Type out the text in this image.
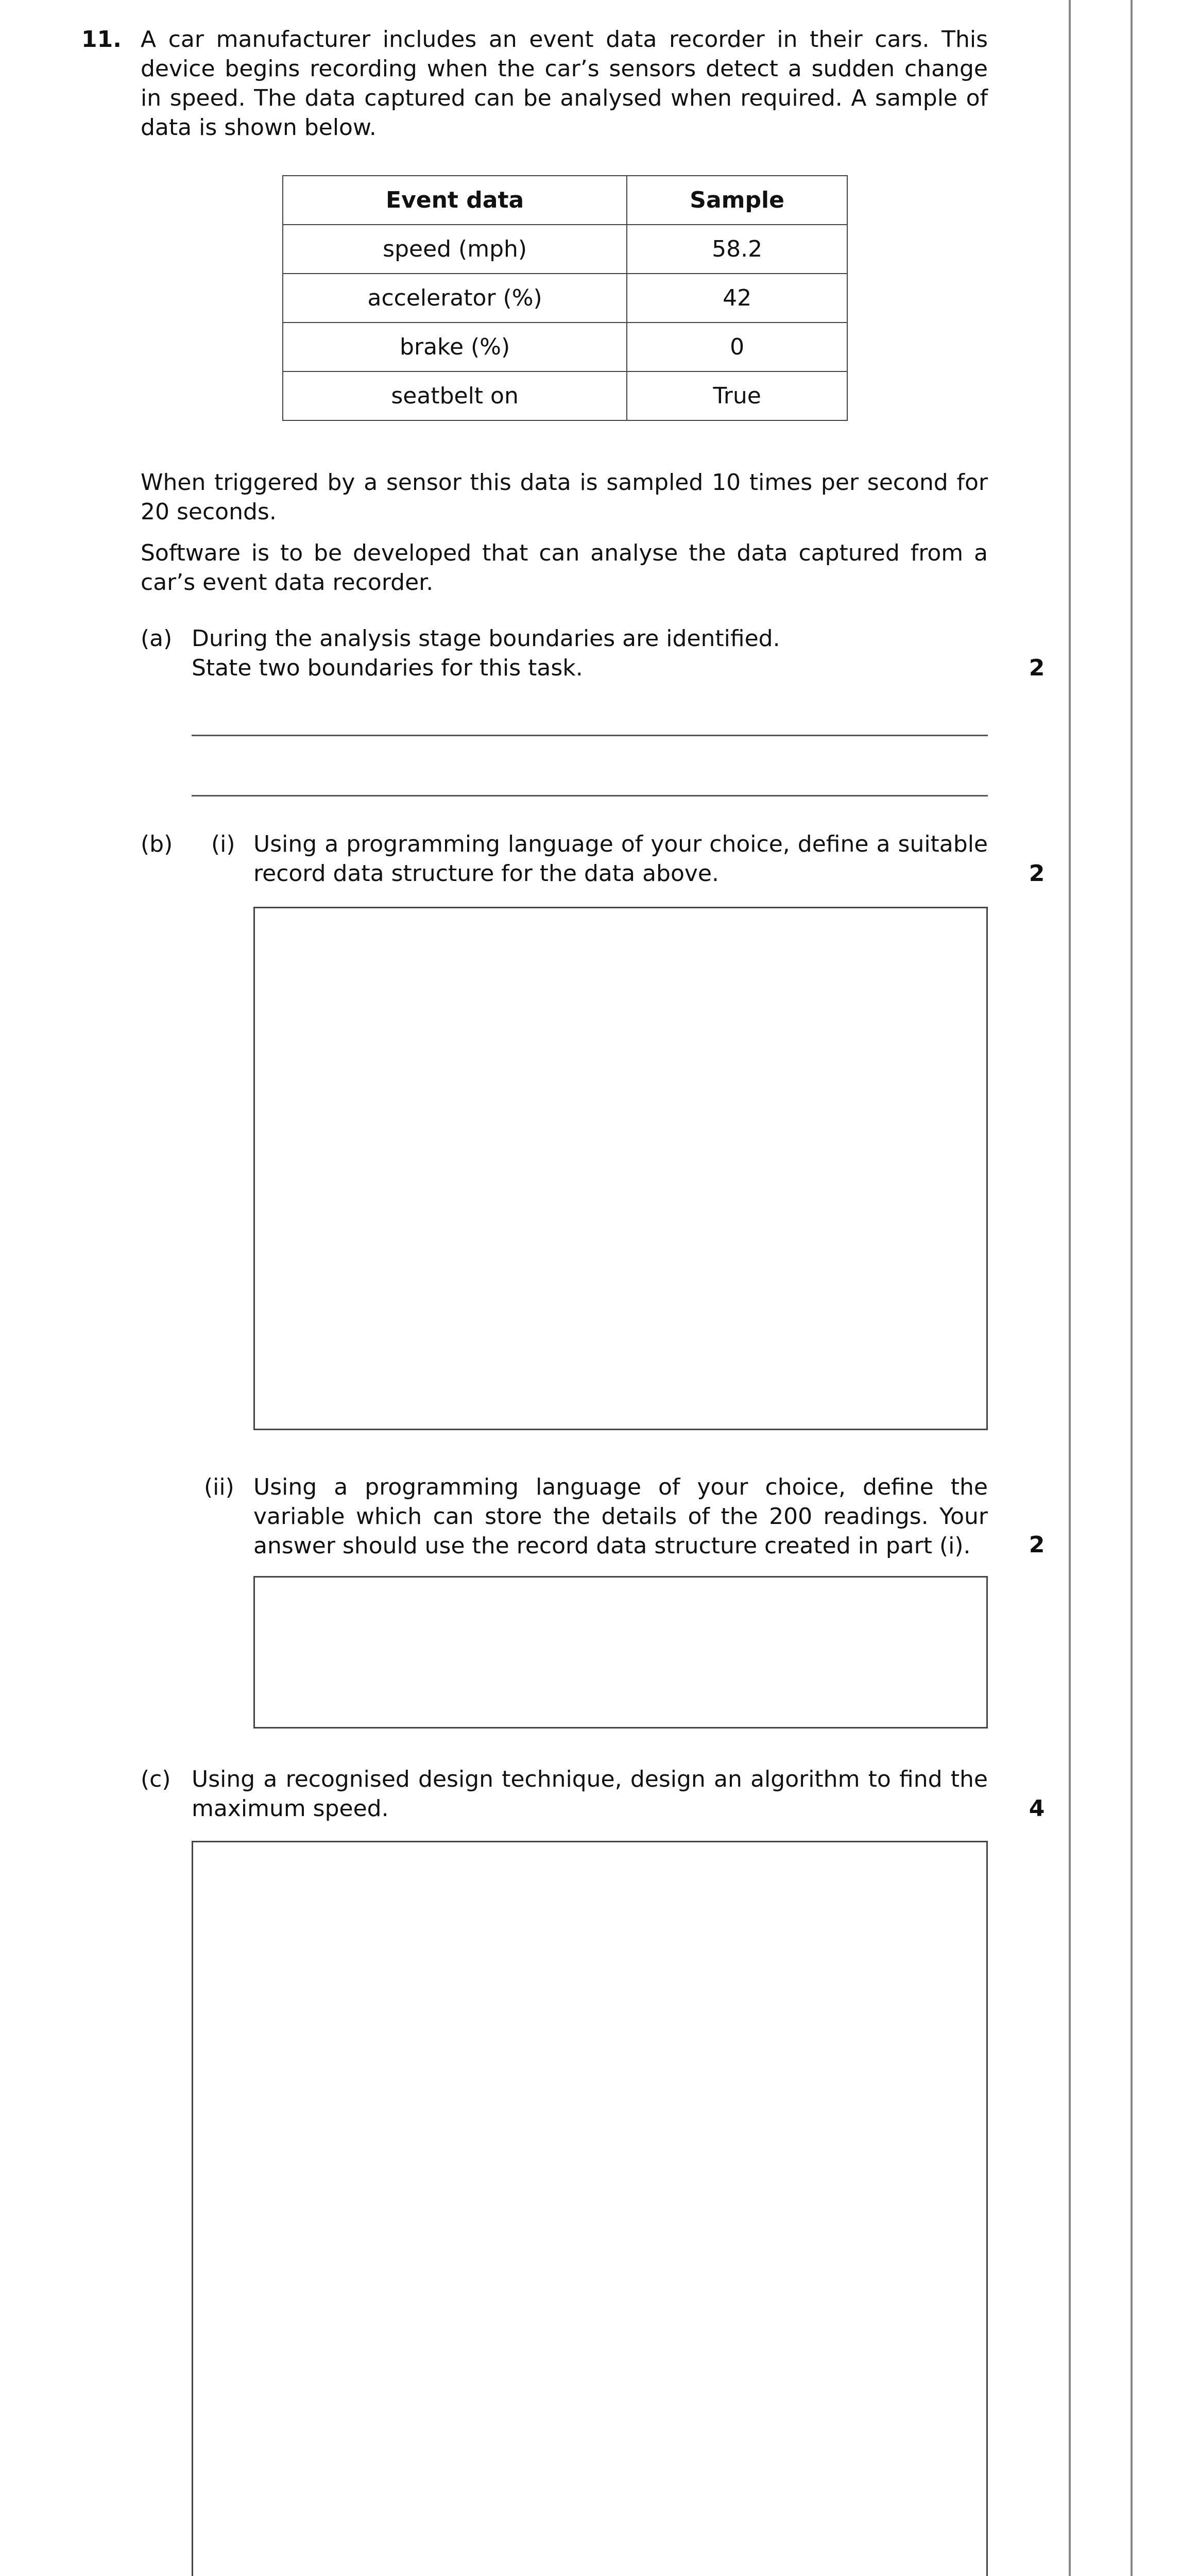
11. A car manufacturer includes an event data recorder in their cars. This device begins recording when the car’s sensors detect a sudden change in speed. The data captured can be analysed when required. A sample of data is shown below.
Event data	Sample
speed (mph)	58.2
accelerator (%)	42
brake (%)	0
seatbelt on	True
When triggered by a sensor this data is sampled 10 times per second for 20 seconds.
Software is to be developed that can analyse the data captured from a car’s event data recorder.
(a) During the analysis stage boundaries are identified.
State two boundaries for this task.	2
(b) (i) Using a programming language of your choice, define a suitable record data structure for the data above.	2
(ii) Using a programming language of your choice, define the variable which can store the details of the 200 readings. Your answer should use the record data structure created in part (i).	2
(c) Using a recognised design technique, design an algorithm to find the maximum speed.	4
